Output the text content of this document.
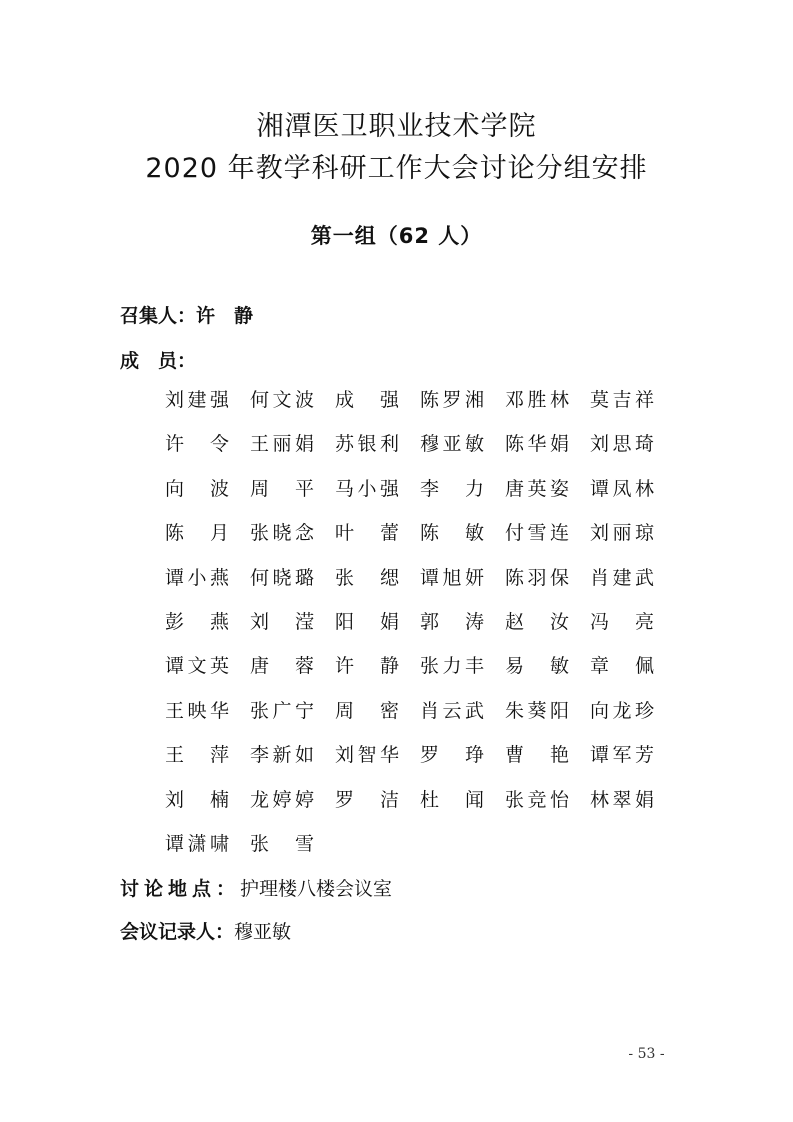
湘潭医卫职业技术学院
2020 年教学科研工作大会讨论分组安排
第一组（62 人）
召集人：许　静
成　员：
刘 建 强 何 文 波 成 强 陈 罗 湘 邓 胜 林 莫 吉 祥
许 令 王 丽 娟 苏 银 利 穆 亚 敏 陈 华 娟 刘 思 琦
向 波 周 平 马 小 强 李 力 唐 英 姿 谭 凤 林
陈 月 张 晓 念 叶 蕾 陈 敏 付 雪 连 刘 丽 琼
谭 小 燕 何 晓 璐 张 缌 谭 旭 妍 陈 羽 保 肖 建 武
彭 燕 刘 滢 阳 娟 郭 涛 赵 汝 冯 亮
谭 文 英 唐 蓉 许 静 张 力 丰 易 敏 章 佩
王 映 华 张 广 宁 周 密 肖 云 武 朱 葵 阳 向 龙 珍
王 萍 李 新 如 刘 智 华 罗 琤 曹 艳 谭 军 芳
刘 楠 龙 婷 婷 罗 洁 杜 闻 张 竞 怡 林 翠 娟
谭 潇 啸 张 雪
讨论地点：护理楼八楼会议室
会议记录人：穆亚敏
- 53 -
